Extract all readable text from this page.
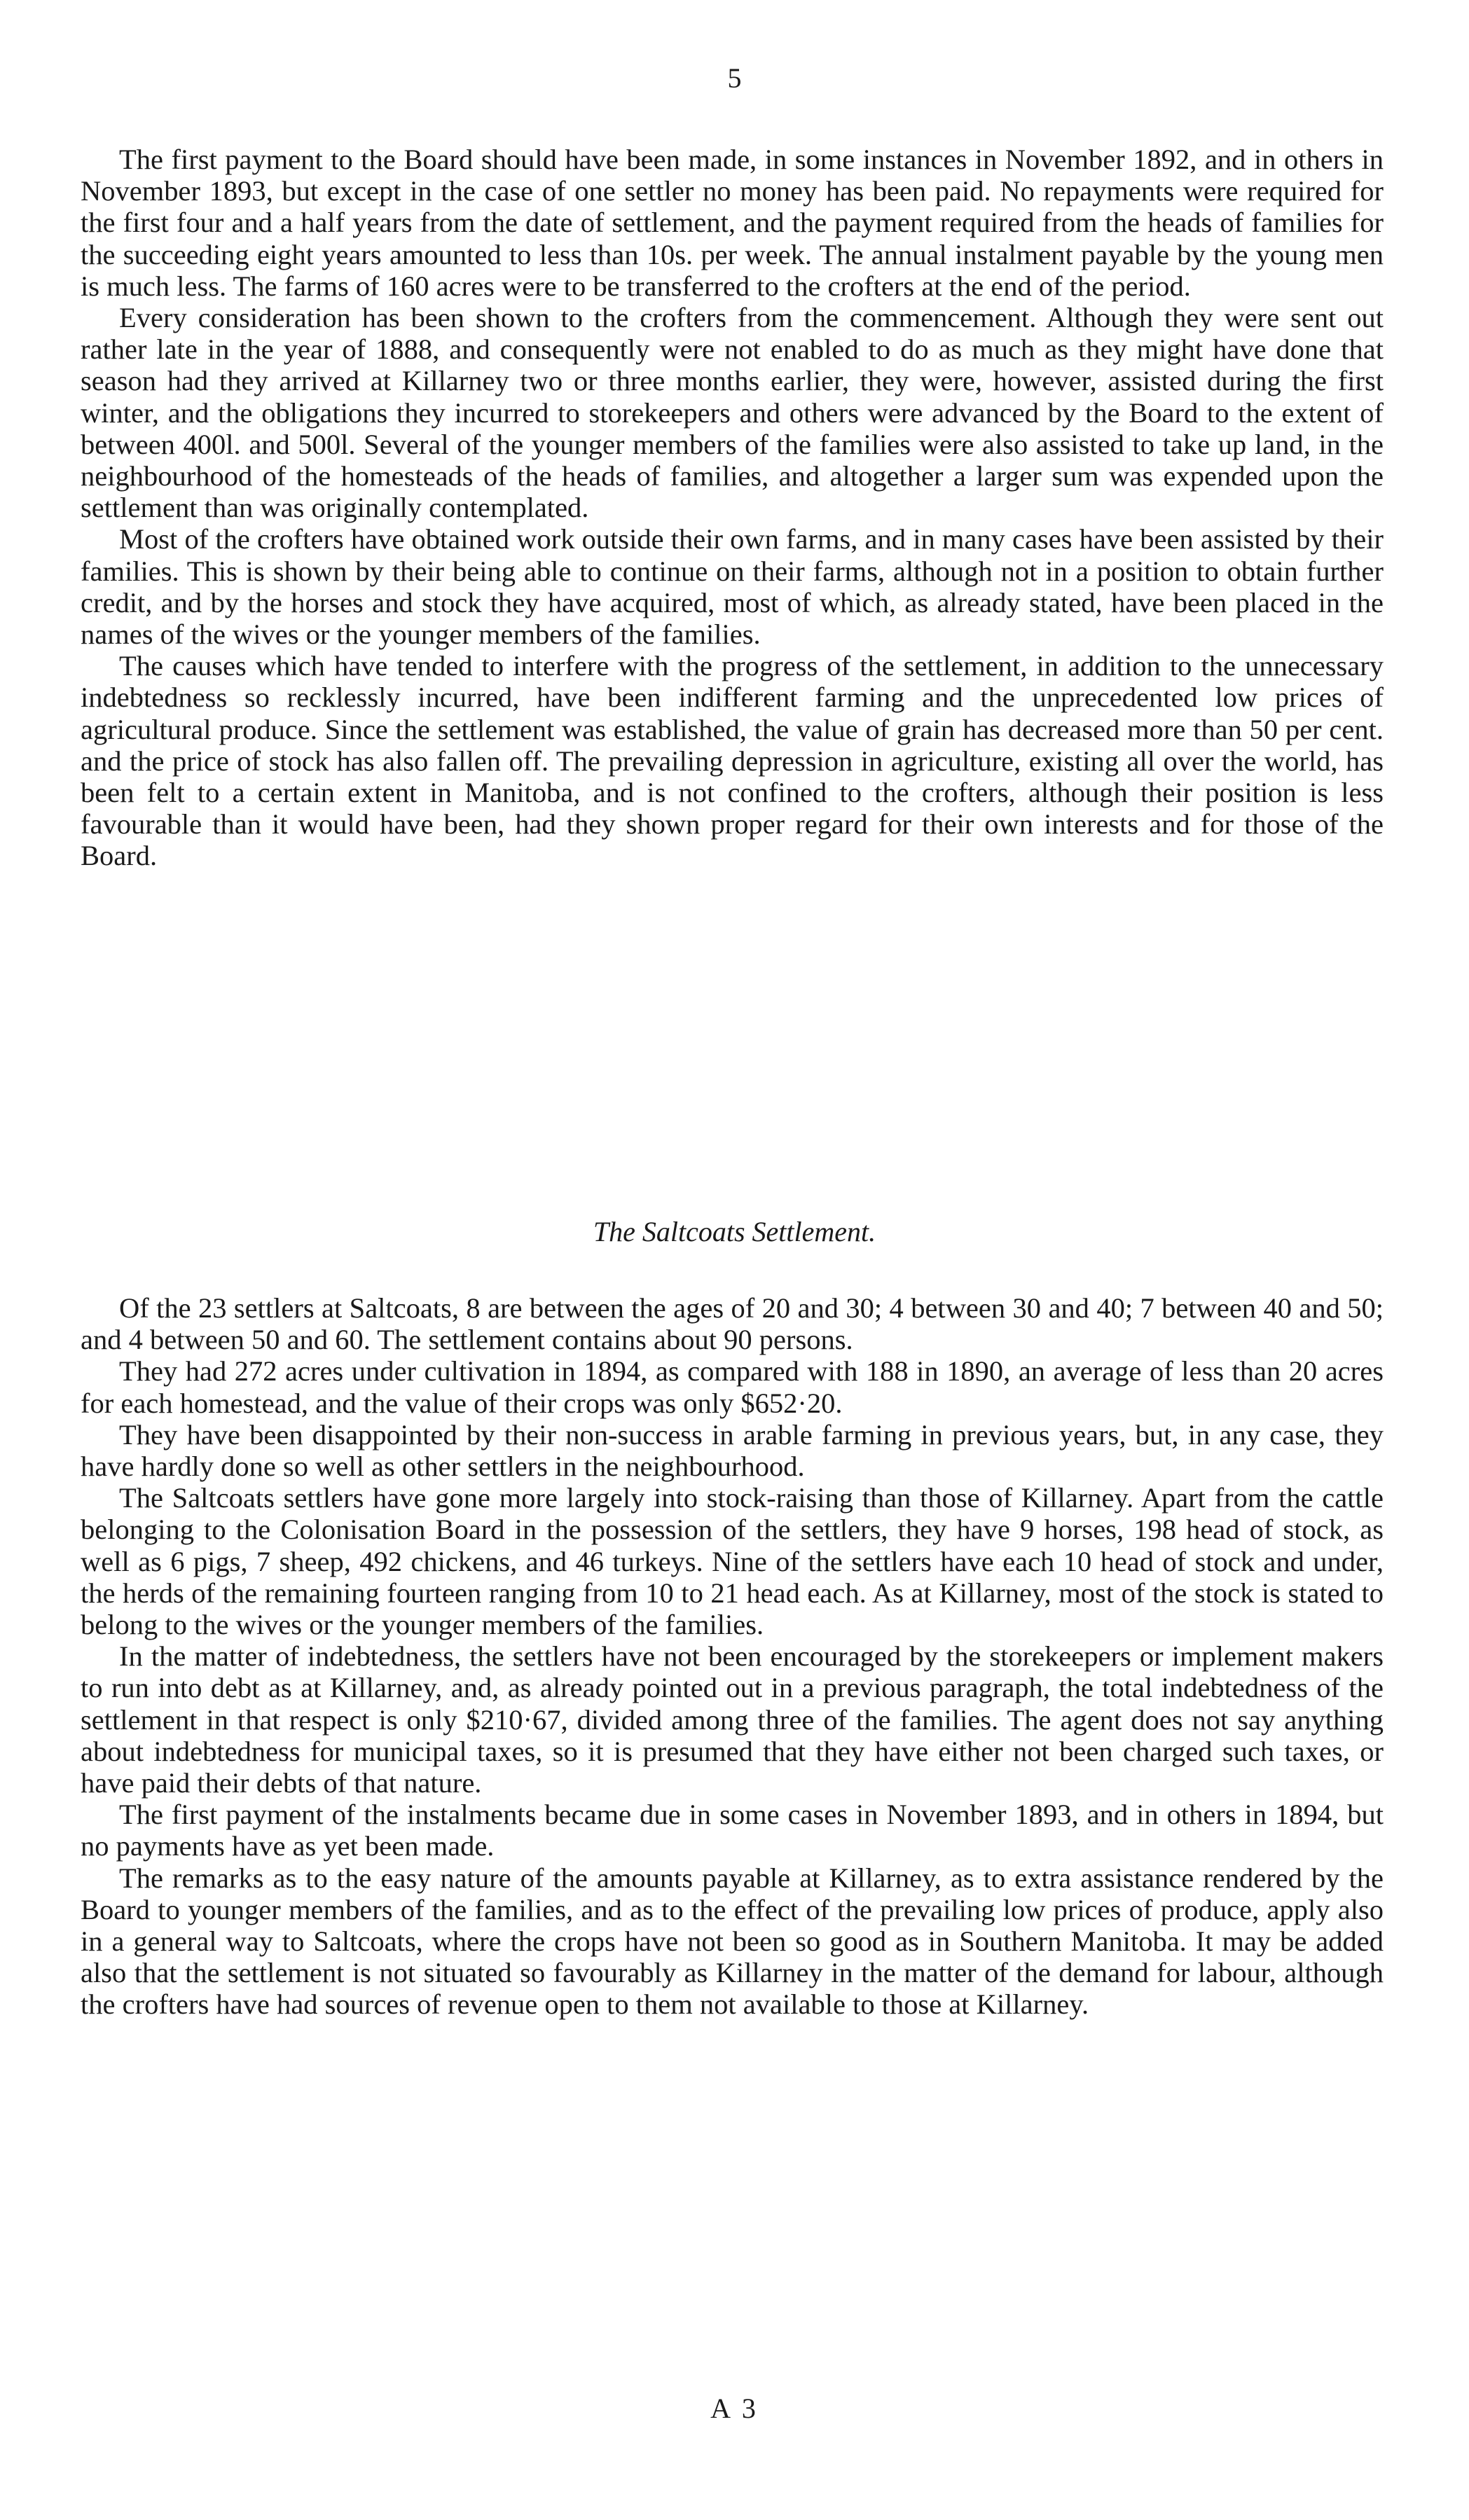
5

The first payment to the Board should have been made, in some instances in November 1892, and in others in November 1893, but except in the case of one settler no money has been paid. No repayments were required for the first four and a half years from the date of settlement, and the payment required from the heads of families for the succeeding eight years amounted to less than 10s. per week. The annual instalment payable by the young men is much less. The farms of 160 acres were to be transferred to the crofters at the end of the period.

Every consideration has been shown to the crofters from the commencement. Although they were sent out rather late in the year of 1888, and consequently were not enabled to do as much as they might have done that season had they arrived at Killarney two or three months earlier, they were, however, assisted during the first winter, and the obligations they incurred to storekeepers and others were advanced by the Board to the extent of between 400l. and 500l. Several of the younger members of the families were also assisted to take up land, in the neighbourhood of the homesteads of the heads of families, and altogether a larger sum was expended upon the settlement than was originally contemplated.

Most of the crofters have obtained work outside their own farms, and in many cases have been assisted by their families. This is shown by their being able to continue on their farms, although not in a position to obtain further credit, and by the horses and stock they have acquired, most of which, as already stated, have been placed in the names of the wives or the younger members of the families.

The causes which have tended to interfere with the progress of the settlement, in addition to the unnecessary indebtedness so recklessly incurred, have been indifferent farming and the unprecedented low prices of agricultural produce. Since the settlement was established, the value of grain has decreased more than 50 per cent. and the price of stock has also fallen off. The prevailing depression in agriculture, existing all over the world, has been felt to a certain extent in Manitoba, and is not confined to the crofters, although their position is less favourable than it would have been, had they shown proper regard for their own interests and for those of the Board.

The Saltcoats Settlement.

Of the 23 settlers at Saltcoats, 8 are between the ages of 20 and 30; 4 between 30 and 40; 7 between 40 and 50; and 4 between 50 and 60. The settlement contains about 90 persons.

They had 272 acres under cultivation in 1894, as compared with 188 in 1890, an average of less than 20 acres for each homestead, and the value of their crops was only $652·20.

They have been disappointed by their non-success in arable farming in previous years, but, in any case, they have hardly done so well as other settlers in the neighbourhood.

The Saltcoats settlers have gone more largely into stock-raising than those of Killarney. Apart from the cattle belonging to the Colonisation Board in the possession of the settlers, they have 9 horses, 198 head of stock, as well as 6 pigs, 7 sheep, 492 chickens, and 46 turkeys. Nine of the settlers have each 10 head of stock and under, the herds of the remaining fourteen ranging from 10 to 21 head each. As at Killarney, most of the stock is stated to belong to the wives or the younger members of the families.

In the matter of indebtedness, the settlers have not been encouraged by the storekeepers or implement makers to run into debt as at Killarney, and, as already pointed out in a previous paragraph, the total indebtedness of the settlement in that respect is only $210·67, divided among three of the families. The agent does not say anything about indebtedness for municipal taxes, so it is presumed that they have either not been charged such taxes, or have paid their debts of that nature.

The first payment of the instalments became due in some cases in November 1893, and in others in 1894, but no payments have as yet been made.

The remarks as to the easy nature of the amounts payable at Killarney, as to extra assistance rendered by the Board to younger members of the families, and as to the effect of the prevailing low prices of produce, apply also in a general way to Saltcoats, where the crops have not been so good as in Southern Manitoba. It may be added also that the settlement is not situated so favourably as Killarney in the matter of the demand for labour, although the crofters have had sources of revenue open to them not available to those at Killarney.

A 3
